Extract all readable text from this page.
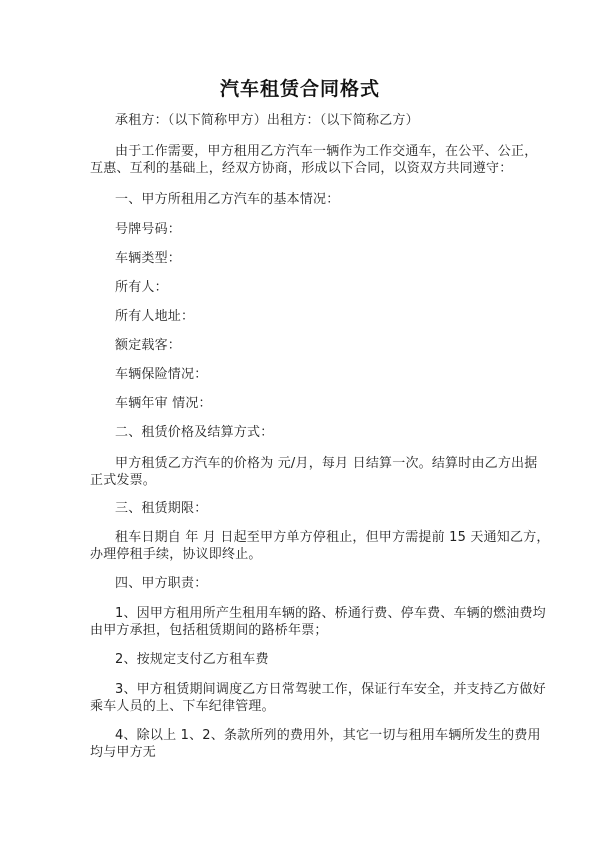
汽车租赁合同格式
承租方：（以下简称甲方）出租方：（以下简称乙方）
由于工作需要，甲方租用乙方汽车一辆作为工作交通车，在公平、公正，
互惠、互利的基础上，经双方协商，形成以下合同，以资双方共同遵守：
一、甲方所租用乙方汽车的基本情况：
号牌号码：
车辆类型：
所有人：
所有人地址：
额定载客：
车辆保险情况：
车辆年审 情况：
二、租赁价格及结算方式：
甲方租赁乙方汽车的价格为 元/月，每月 日结算一次。结算时由乙方出据
正式发票。
三、租赁期限：
租车日期自 年 月 日起至甲方单方停租止，但甲方需提前 15 天通知乙方，
办理停租手续，协议即终止。
四、甲方职责：
1、因甲方租用所产生租用车辆的路、桥通行费、停车费、车辆的燃油费均
由甲方承担，包括租赁期间的路桥年票；
2、按规定支付乙方租车费
3、甲方租赁期间调度乙方日常驾驶工作，保证行车安全，并支持乙方做好
乘车人员的上、下车纪律管理。
4、除以上 1、2、条款所列的费用外，其它一切与租用车辆所发生的费用
均与甲方无
